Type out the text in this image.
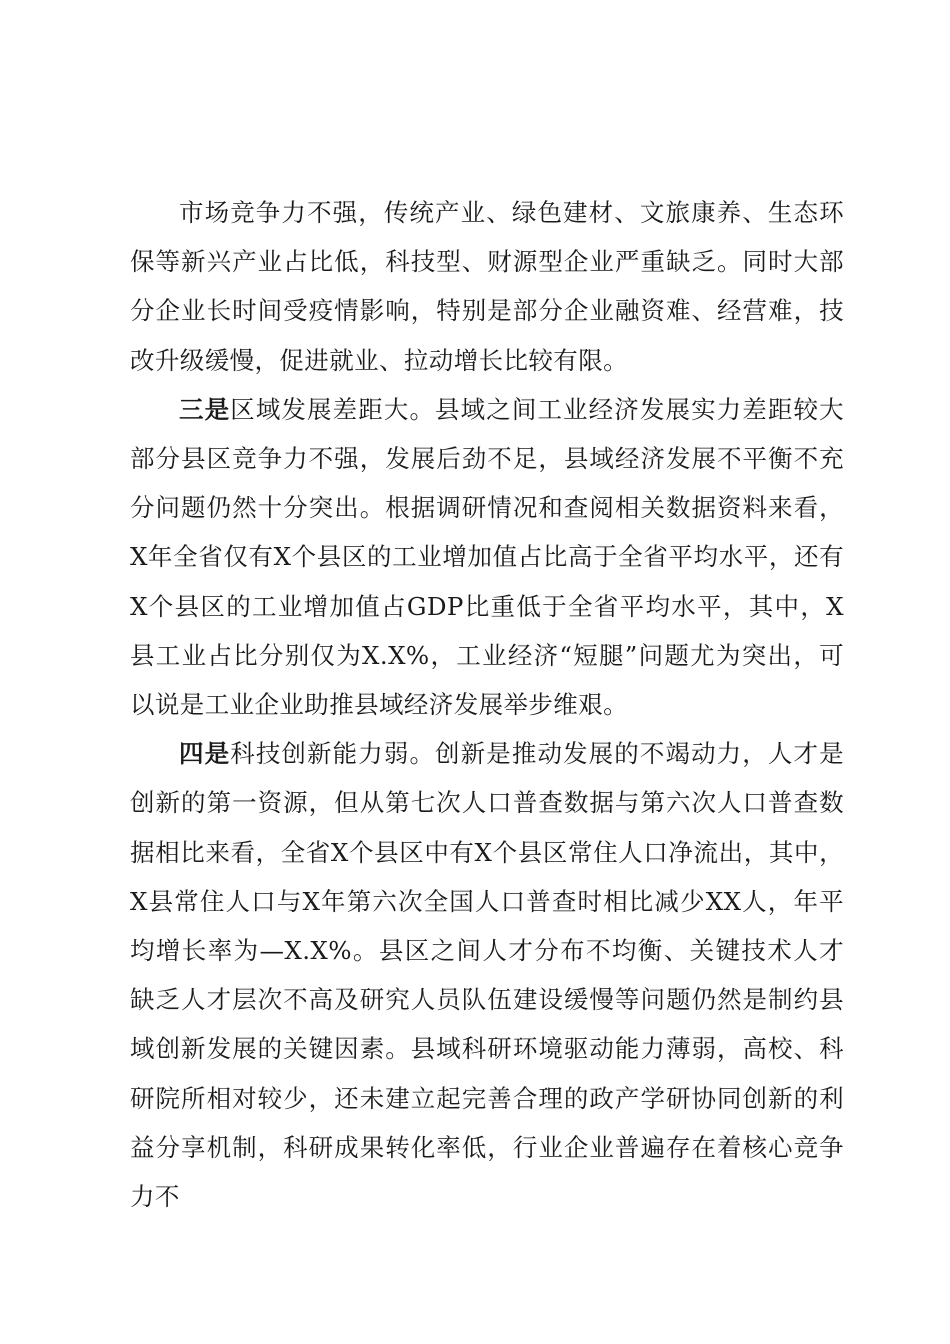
市场竞争力不强，传统产业、绿色建材、文旅康养、生态环保等新兴产业占比低，科技型、财源型企业严重缺乏。同时大部分企业长时间受疫情影响，特别是部分企业融资难、经营难，技改升级缓慢，促进就业、拉动增长比较有限。

三是区域发展差距大。县域之间工业经济发展实力差距较大部分县区竞争力不强，发展后劲不足，县域经济发展不平衡不充分问题仍然十分突出。根据调研情况和查阅相关数据资料来看，X年全省仅有X个县区的工业增加值占比高于全省平均水平，还有X个县区的工业增加值占GDP比重低于全省平均水平，其中，X县工业占比分别仅为X.X%，工业经济“短腿”问题尤为突出，可以说是工业企业助推县域经济发展举步维艰。

四是科技创新能力弱。创新是推动发展的不竭动力，人才是创新的第一资源，但从第七次人口普查数据与第六次人口普查数据相比来看，全省X个县区中有X个县区常住人口净流出，其中，X县常住人口与X年第六次全国人口普查时相比减少XX人，年平均增长率为—X.X%。县区之间人才分布不均衡、关键技术人才缺乏人才层次不高及研究人员队伍建设缓慢等问题仍然是制约县域创新发展的关键因素。县域科研环境驱动能力薄弱，高校、科研院所相对较少，还未建立起完善合理的政产学研协同创新的利益分享机制，科研成果转化率低，行业企业普遍存在着核心竞争力不
